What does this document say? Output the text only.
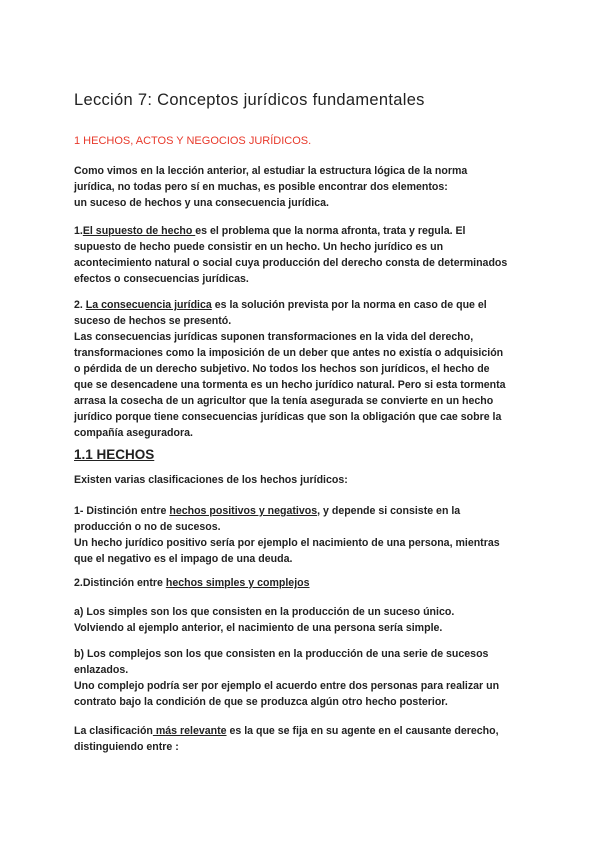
Lección 7: Conceptos jurídicos fundamentales
1 HECHOS, ACTOS Y NEGOCIOS JURÍDICOS.
Como vimos en la lección anterior, al estudiar la estructura lógica de la norma
jurídica, no todas pero sí en muchas, es posible encontrar dos elementos:
un suceso de hechos y una consecuencia jurídica.
1.El supuesto de hecho es el problema que la norma afronta, trata y regula. El
supuesto de hecho puede consistir en un hecho. Un hecho jurídico es un
acontecimiento natural o social cuya producción del derecho consta de determinados
efectos o consecuencias jurídicas.
2. La consecuencia jurídica es la solución prevista por la norma en caso de que el
suceso de hechos se presentó.
Las consecuencias jurídicas suponen transformaciones en la vida del derecho,
transformaciones como la imposición de un deber que antes no existía o adquisición
o pérdida de un derecho subjetivo. No todos los hechos son jurídicos, el hecho de
que se desencadene una tormenta es un hecho jurídico natural. Pero si esta tormenta
arrasa la cosecha de un agricultor que la tenía asegurada se convierte en un hecho
jurídico porque tiene consecuencias jurídicas que son la obligación que cae sobre la
compañía aseguradora.
1.1 HECHOS
Existen varias clasificaciones de los hechos jurídicos:
1- Distinción entre hechos positivos y negativos, y depende si consiste en la
producción o no de sucesos.
Un hecho jurídico positivo sería por ejemplo el nacimiento de una persona, mientras
que el negativo es el impago de una deuda.
2.Distinción entre hechos simples y complejos
a) Los simples son los que consisten en la producción de un suceso único.
Volviendo al ejemplo anterior, el nacimiento de una persona sería simple.
b) Los complejos son los que consisten en la producción de una serie de sucesos
enlazados.
Uno complejo podría ser por ejemplo el acuerdo entre dos personas para realizar un
contrato bajo la condición de que se produzca algún otro hecho posterior.
La clasificación más relevante es la que se fija en su agente en el causante derecho,
distinguiendo entre :
